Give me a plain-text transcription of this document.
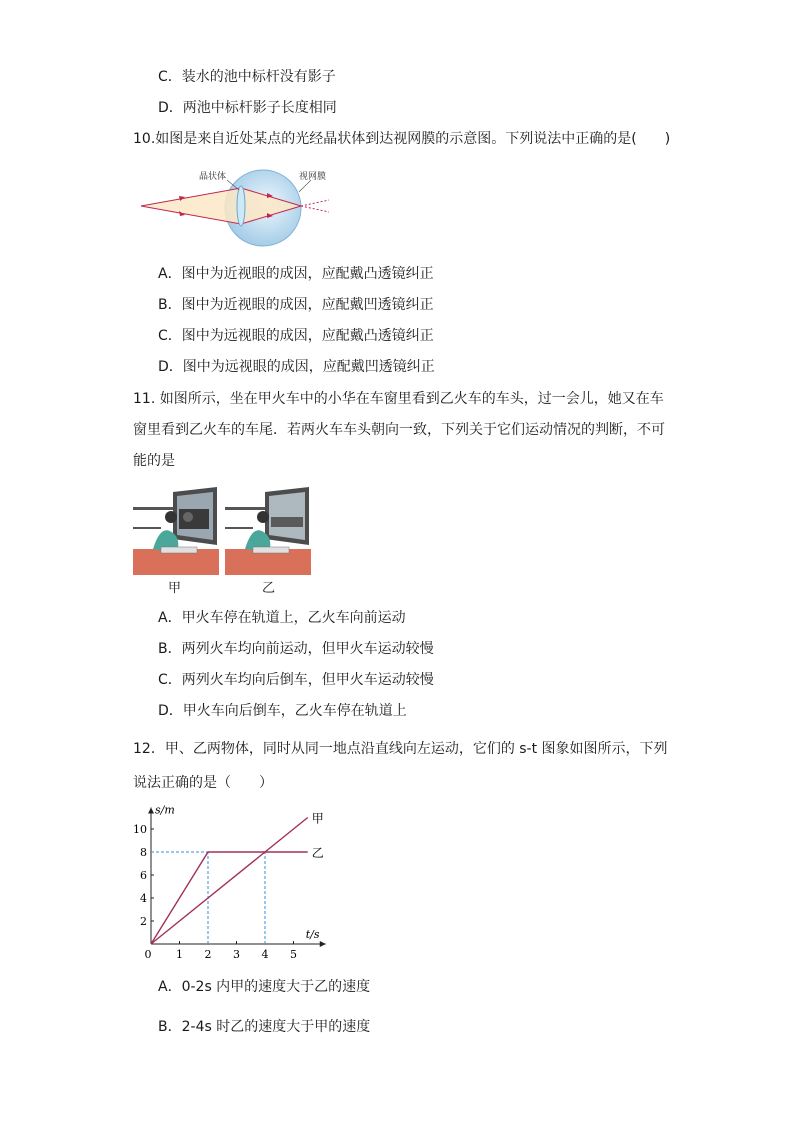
C．装水的池中标杆没有影子
D．两池中标杆影子长度相同
10.如图是来自近处某点的光经晶状体到达视网膜的示意图。下列说法中正确的是(　　)
晶状体	视网膜
A．图中为近视眼的成因，应配戴凸透镜纠正
B．图中为近视眼的成因，应配戴凹透镜纠正
C．图中为远视眼的成因，应配戴凸透镜纠正
D．图中为远视眼的成因，应配戴凹透镜纠正
11. 如图所示，坐在甲火车中的小华在车窗里看到乙火车的车头，过一会儿，她又在车
窗里看到乙火车的车尾．若两火车车头朝向一致，下列关于它们运动情况的判断，不可
能的是
甲	乙
A．甲火车停在轨道上，乙火车向前运动
B．两列火车均向前运动，但甲火车运动较慢
C．两列火车均向后倒车，但甲火车运动较慢
D．甲火车向后倒车，乙火车停在轨道上
12．甲、乙两物体，同时从同一地点沿直线向左运动，它们的 s-t 图象如图所示，下列
说法正确的是（　　）
s/m
t/s
0 1 2 3 4 5
2
4
6
8
10
甲
乙
A．0-2s 内甲的速度大于乙的速度
B．2-4s 时乙的速度大于甲的速度
